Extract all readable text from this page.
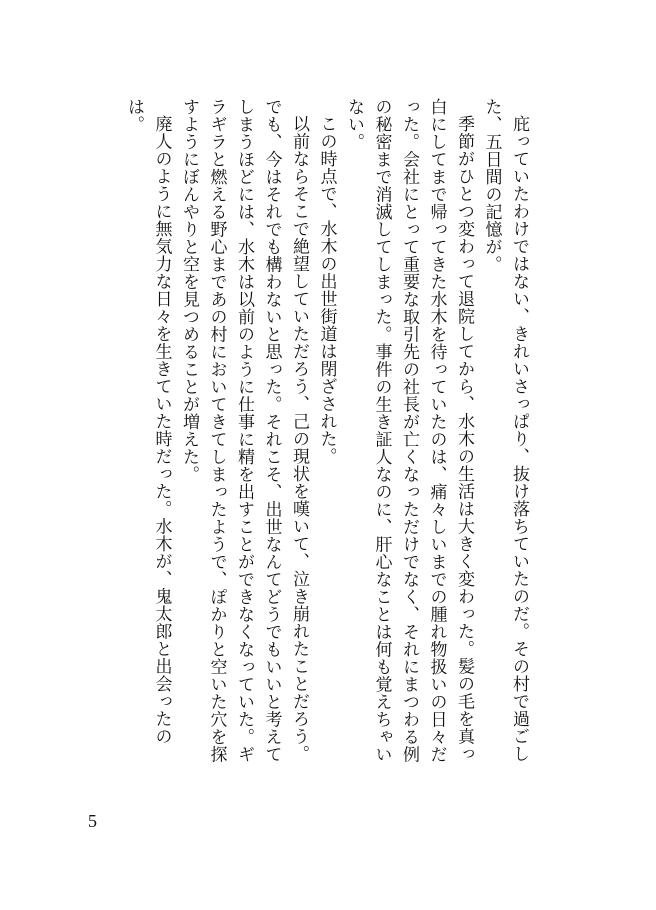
庇っていたわけではない、きれいさっぱり、抜け落ちていたのだ。その村で過ごした、五日間の記憶が。

季節がひとつ変わって退院してから、水木の生活は大きく変わった。髪の毛を真っ白にしてまで帰ってきた水木を待っていたのは、痛々しいまでの腫れ物扱いの日々だった。会社にとって重要な取引先の社長が亡くなっただけでなく、それにまつわる例の秘密まで消滅してしまった。事件の生き証人なのに、肝心なことは何も覚えちゃいない。

この時点で、水木の出世街道は閉ざされた。

以前ならそこで絶望していただろう、己の現状を嘆いて、泣き崩れたことだろう。でも、今はそれでも構わないと思った。それこそ、出世なんてどうでもいいと考えてしまうほどには、水木は以前のように仕事に精を出すことができなくなっていた。ギラギラと燃える野心まであの村においてきてしまったようで、ぽかりと空いた穴を探すようにぼんやりと空を見つめることが増えた。

廃人のように無気力な日々を生きていた時だった。水木が、鬼太郎と出会ったのは。

5
